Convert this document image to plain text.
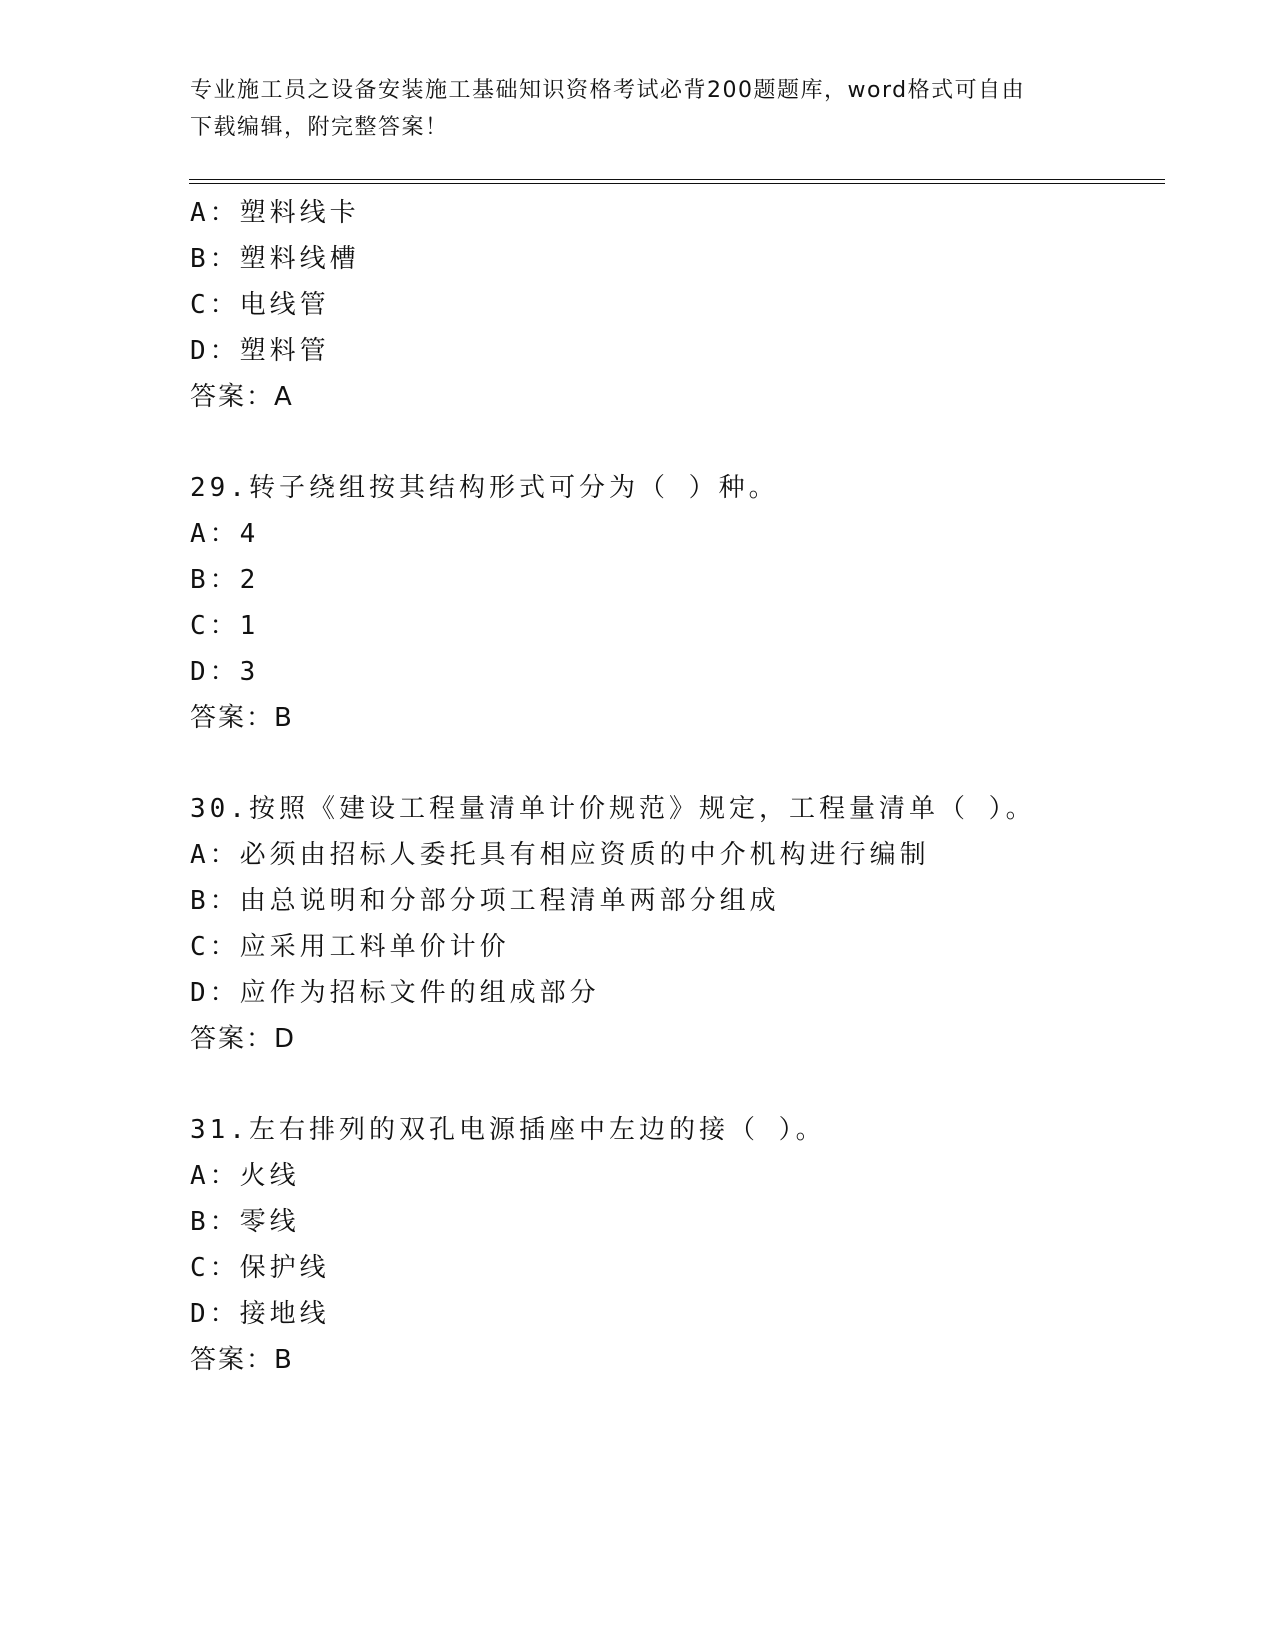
专业施工员之设备安装施工基础知识资格考试必背200题题库，word格式可自由
下载编辑，附完整答案！
A：塑料线卡
B：塑料线槽
C：电线管
D：塑料管
答案：A
29.转子绕组按其结构形式可分为（ ）种。
A：4
B：2
C：1
D：3
答案：B
30.按照《建设工程量清单计价规范》规定，工程量清单（ ）。
A：必须由招标人委托具有相应资质的中介机构进行编制
B：由总说明和分部分项工程清单两部分组成
C：应采用工料单价计价
D：应作为招标文件的组成部分
答案：D
31.左右排列的双孔电源插座中左边的接（ ）。
A：火线
B：零线
C：保护线
D：接地线
答案：B
